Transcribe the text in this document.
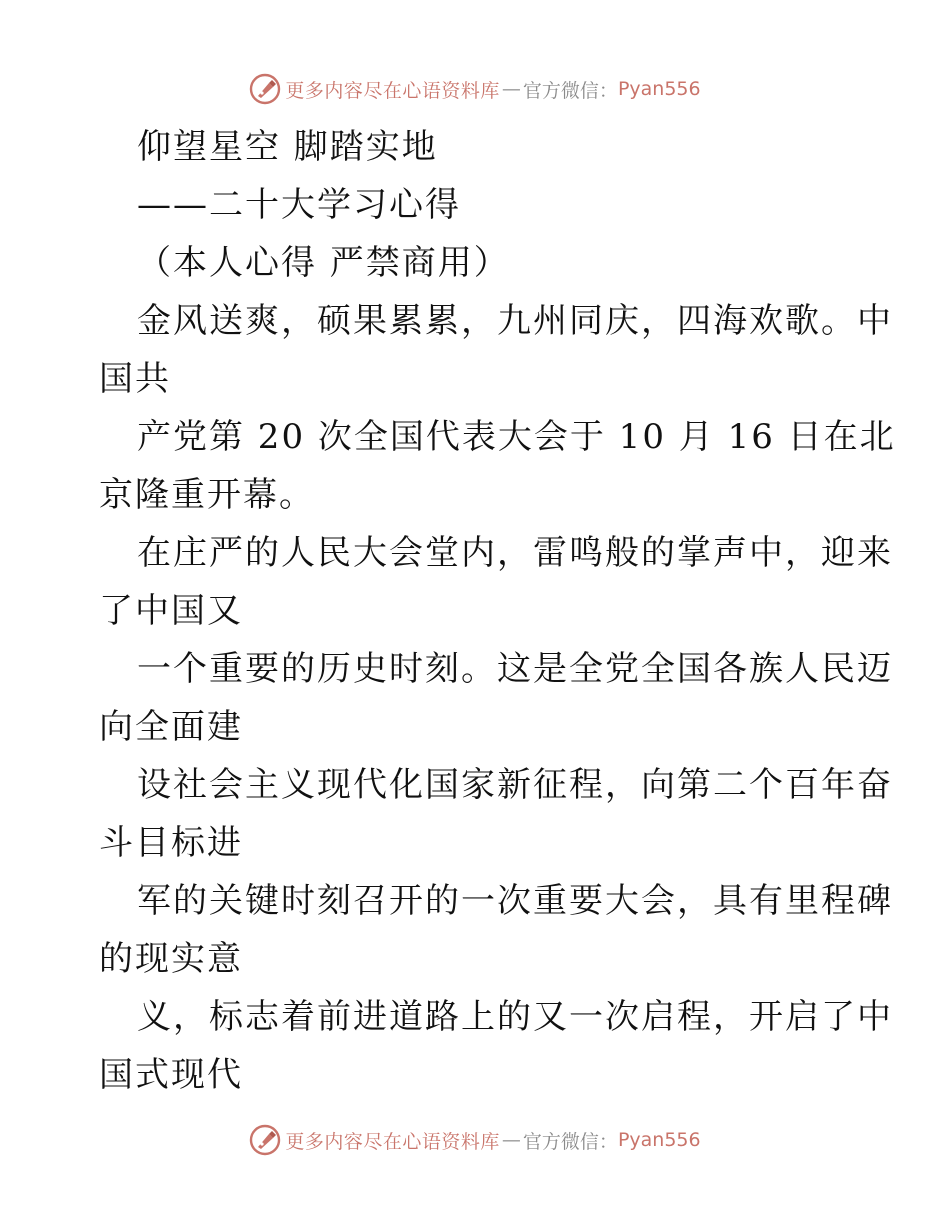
更多内容尽在心语资料库 — 官方微信： Pyan556
仰望星空 脚踏实地
——二十大学习心得
（本人心得 严禁商用）
金风送爽，硕果累累，九州同庆，四海欢歌。中
国共
产党第 20 次全国代表大会于 10 月 16 日在北
京隆重开幕。
在庄严的人民大会堂内，雷鸣般的掌声中，迎来
了中国又
一个重要的历史时刻。这是全党全国各族人民迈
向全面建
设社会主义现代化国家新征程，向第二个百年奋
斗目标进
军的关键时刻召开的一次重要大会，具有里程碑
的现实意
义，标志着前进道路上的又一次启程，开启了中
国式现代
更多内容尽在心语资料库 — 官方微信： Pyan556
